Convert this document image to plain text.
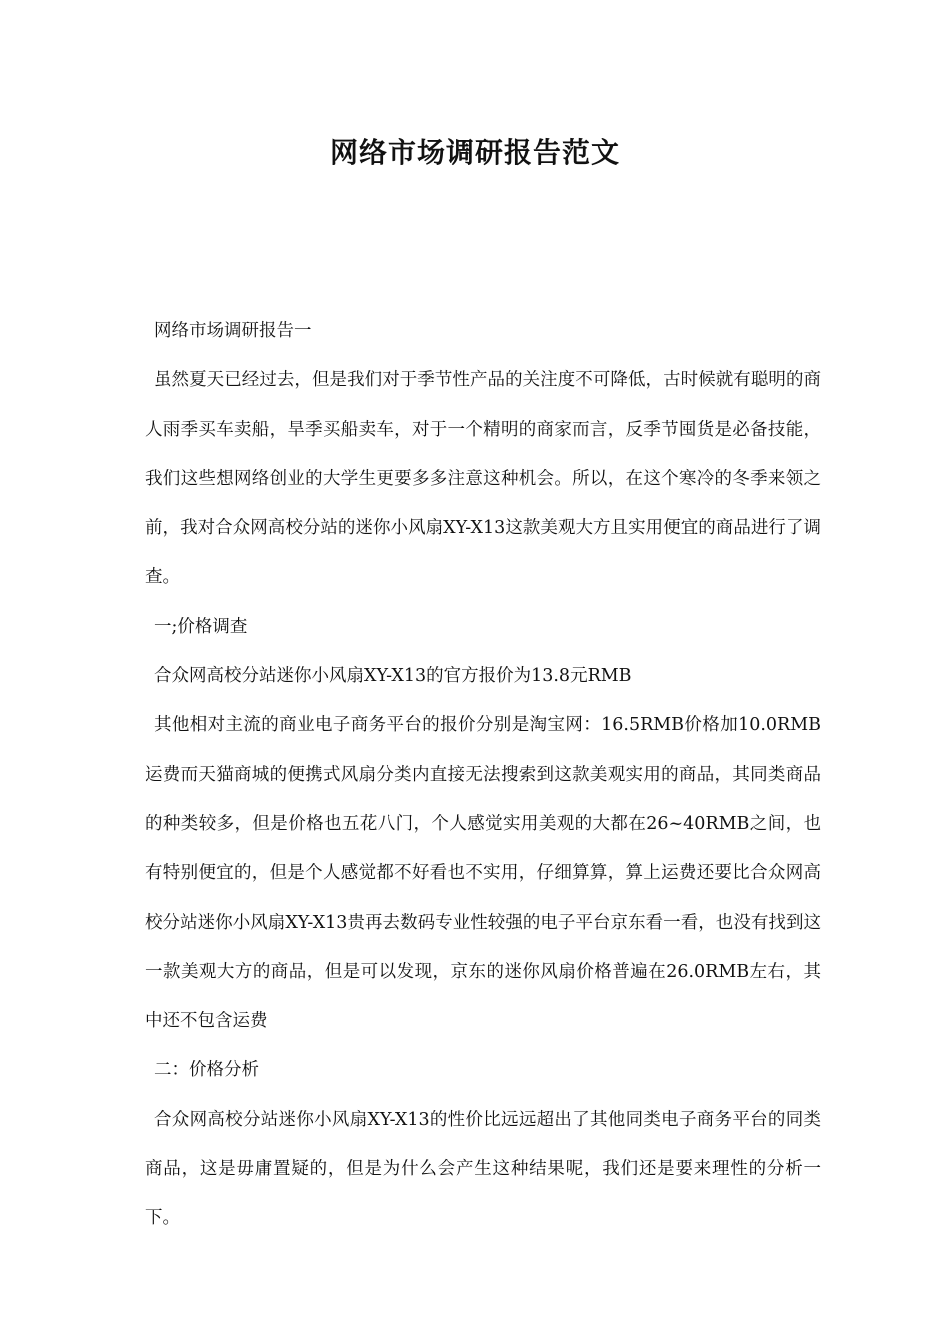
网络市场调研报告范文

网络市场调研报告一

虽然夏天已经过去，但是我们对于季节性产品的关注度不可降低，古时候就有聪明的商人雨季买车卖船，旱季买船卖车，对于一个精明的商家而言，反季节囤货是必备技能，我们这些想网络创业的大学生更要多多注意这种机会。所以，在这个寒冷的冬季来领之前，我对合众网高校分站的迷你小风扇XY-X13这款美观大方且实用便宜的商品进行了调查。

一;价格调查

合众网高校分站迷你小风扇XY-X13的官方报价为13.8元RMB

其他相对主流的商业电子商务平台的报价分别是淘宝网：16.5RMB价格加10.0RMB运费而天猫商城的便携式风扇分类内直接无法搜索到这款美观实用的商品，其同类商品的种类较多，但是价格也五花八门，个人感觉实用美观的大都在26~40RMB之间，也有特别便宜的，但是个人感觉都不好看也不实用，仔细算算，算上运费还要比合众网高校分站迷你小风扇XY-X13贵再去数码专业性较强的电子平台京东看一看，也没有找到这一款美观大方的商品，但是可以发现，京东的迷你风扇价格普遍在26.0RMB左右，其中还不包含运费

二：价格分析

合众网高校分站迷你小风扇XY-X13的性价比远远超出了其他同类电子商务平台的同类商品，这是毋庸置疑的，但是为什么会产生这种结果呢，我们还是要来理性的分析一下。
